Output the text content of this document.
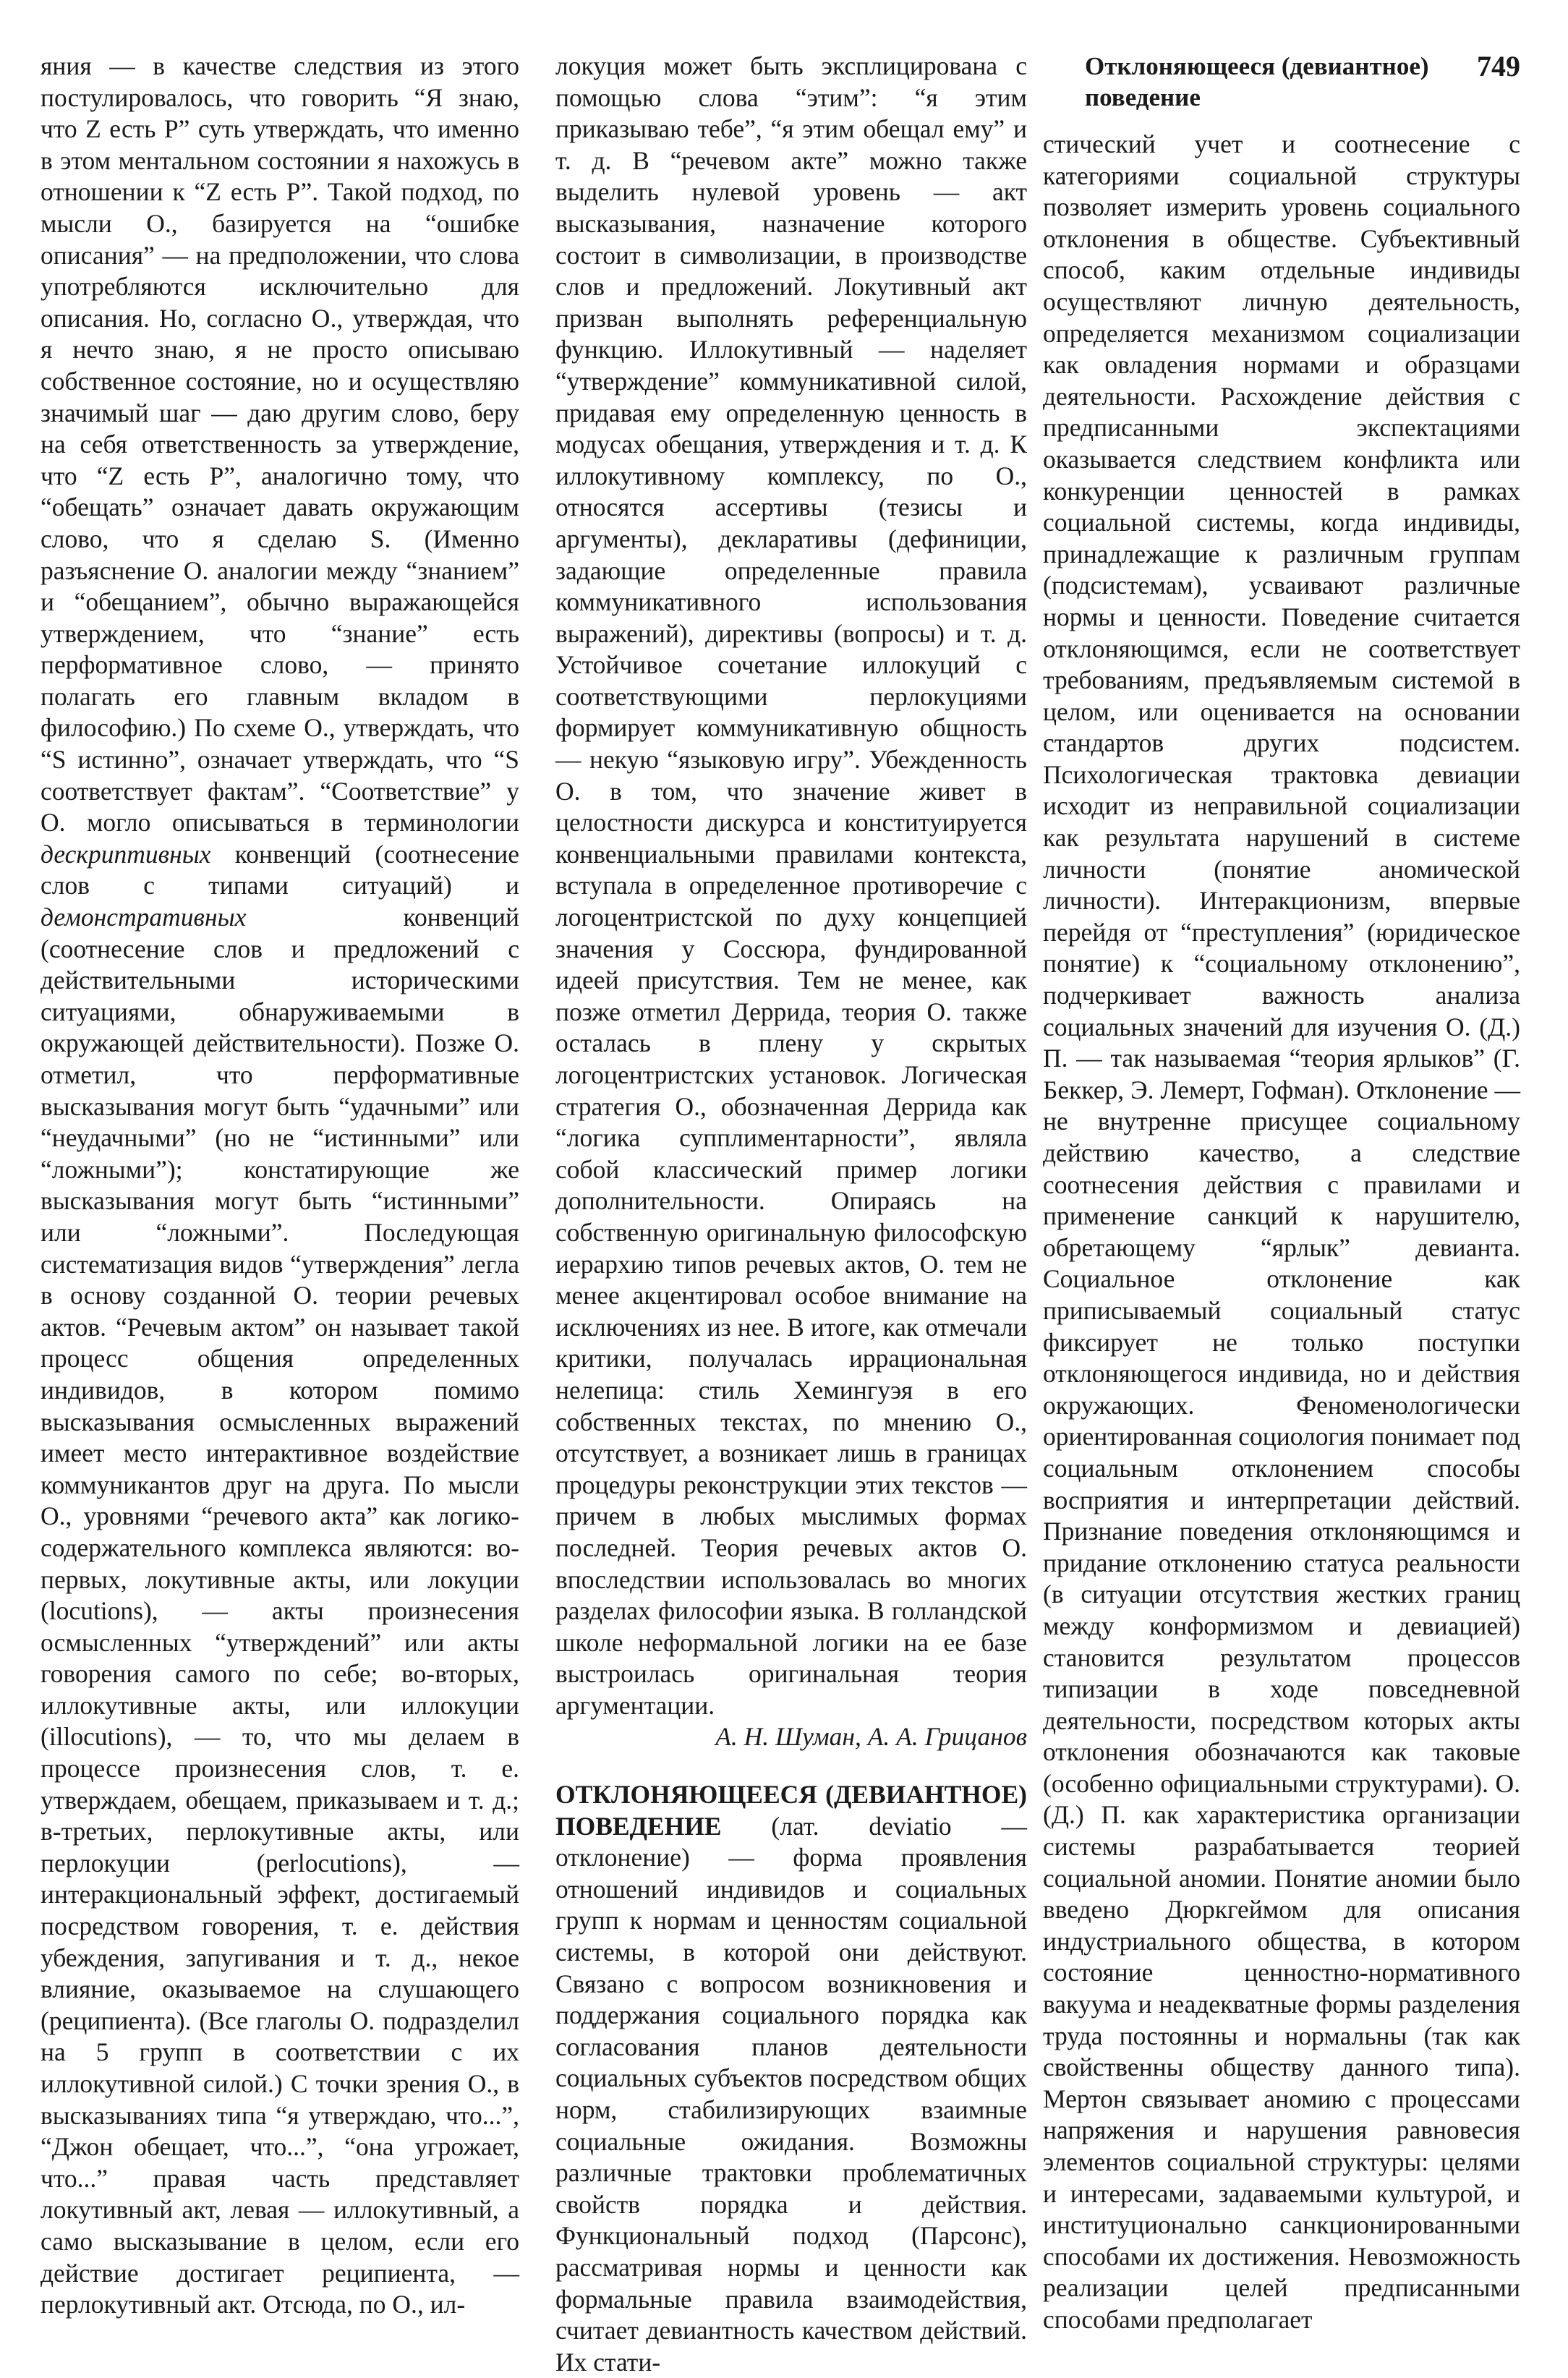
Отклоняющееся (девиантное) поведение
749

яния — в качестве следствия из этого постулировалось, что говорить “Я знаю, что Z есть P” суть утверждать, что именно в этом ментальном состоянии я нахожусь в отношении к “Z есть P”. Такой подход, по мысли О., базируется на “ошибке описания” — на предположении, что слова употребляются исключительно для описания. Но, согласно О., утверждая, что я нечто знаю, я не просто описываю собственное состояние, но и осуществляю значимый шаг — даю другим слово, беру на себя ответственность за утверждение, что “Z есть P”, аналогично тому, что “обещать” означает давать окружающим слово, что я сделаю S. (Именно разъяснение О. аналогии между “знанием” и “обещанием”, обычно выражающейся утверждением, что “знание” есть перформативное слово, — принято полагать его главным вкладом в философию.) По схеме О., утверждать, что “S истинно”, означает утверждать, что “S соответствует фактам”. “Соответствие” у О. могло описываться в терминологии дескриптивных конвенций (соотнесение слов с типами ситуаций) и демонстративных	конвенций (соотнесение слов и предложений с действительными историческими ситуациями, обнаруживаемыми в окружающей действительности). Позже О. отметил, что перформативные высказывания могут быть “удачными” или “неудачными” (но не “истинными” или “ложными”); констатирующие же высказывания могут быть “истинными” или “ложными”. Последующая систематизация видов “утверждения” легла в основу созданной О. теории речевых актов. “Речевым актом” он называет такой процесс общения определенных индивидов, в котором помимо высказывания осмысленных выражений имеет место интерактивное воздействие коммуникантов друг на друга. По мысли О., уровнями “речевого акта” как логико-содержательного комплекса являются: во-первых, локутивные акты, или локуции (locutions), — акты произнесения осмысленных “утверждений” или акты говорения самого по себе; во-вторых, иллокутивные акты, или иллокуции (illocutions), — то, что мы делаем в процессе произнесения слов, т. е. утверждаем, обещаем, приказываем и т. д.; в-третьих, перлокутивные акты, или перлокуции (perlocutions), — интеракциональный эффект, достигаемый посредством говорения, т. е. действия убеждения, запугивания и т. д., некое влияние, оказываемое на слушающего (реципиента). (Все глаголы О. подразделил на 5 групп в соответствии с их иллокутивной силой.) С точки зрения О., в высказываниях типа “я утверждаю, что...”, “Джон обещает, что...”, “она угрожает, что...” правая часть представляет локутивный акт, левая — иллокутивный, а само высказывание в целом, если его действие достигает реципиента, — перлокутивный акт. Отсюда, по О., ил-

локуция может быть эксплицирована с помощью слова “этим”: “я этим приказываю тебе”, “я этим обещал ему” и т. д. В “речевом акте” можно также выделить нулевой уровень — акт высказывания, назначение которого состоит в символизации, в производстве слов и предложений. Локутивный акт призван выполнять референциальную функцию. Иллокутивный — наделяет “утверждение” коммуникативной силой, придавая ему определенную ценность в модусах обещания, утверждения и т. д. К иллокутивному комплексу, по О., относятся ассертивы (тезисы и аргументы), декларативы (дефиниции, задающие определенные правила коммуникативного использования выражений), директивы (вопросы) и т. д. Устойчивое сочетание иллокуций с соответствующими перлокуциями формирует коммуникативную общность — некую “языковую игру”. Убежденность О. в том, что значение живет в целостности дискурса и конституируется конвенциальными правилами контекста, вступала в определенное противоречие с логоцентристской по духу концепцией значения у Соссюра, фундированной идеей присутствия. Тем не менее, как позже отметил Деррида, теория О. также осталась в плену у скрытых логоцентристских установок. Логическая стратегия О., обозначенная Деррида как “логика супплиментарности”, являла собой классический пример логики дополнительности. Опираясь на собственную оригинальную философскую иерархию типов речевых актов, О. тем не менее акцентировал особое внимание на исключениях из нее. В итоге, как отмечали критики, получалась иррациональная нелепица: стиль Хемингуэя в его собственных текстах, по мнению О., отсутствует, а возникает лишь в границах процедуры реконструкции этих текстов — причем в любых мыслимых формах последней. Теория речевых актов О. впоследствии использовалась во многих разделах философии языка. В голландской школе неформальной логики на ее базе выстроилась оригинальная теория аргументации.

А. Н. Шуман, А. А. Грицанов

ОТКЛОНЯЮЩЕЕСЯ (ДЕВИАНТНОЕ) ПОВЕДЕНИЕ (лат. deviatio — отклонение) — форма проявления отношений индивидов и социальных групп к нормам и ценностям социальной системы, в которой они действуют. Связано с вопросом возникновения и поддержания социального порядка как согласования планов деятельности социальных субъектов посредством общих норм, стабилизирующих взаимные социальные ожидания. Возможны различные трактовки проблематичных свойств порядка и действия. Функциональный подход (Парсонс), рассматривая нормы и ценности как формальные правила взаимодействия, считает девиантность качеством действий. Их стати-

стический учет и соотнесение с категориями социальной структуры позволяет измерить уровень социального отклонения в обществе. Субъективный способ, каким отдельные индивиды осуществляют личную деятельность, определяется механизмом социализации как овладения нормами и образцами деятельности. Расхождение действия с предписанными экспектациями оказывается следствием конфликта или конкуренции ценностей в рамках социальной системы, когда индивиды, принадлежащие к различным группам (подсистемам), усваивают различные нормы и ценности. Поведение считается отклоняющимся, если не соответствует требованиям, предъявляемым системой в целом, или оценивается на основании стандартов других подсистем. Психологическая трактовка девиации исходит из неправильной социализации как результата нарушений в системе личности (понятие аномической личности). Интеракционизм, впервые перейдя от “преступления” (юридическое понятие) к “социальному отклонению”, подчеркивает важность анализа социальных значений для изучения О. (Д.) П. — так называемая “теория ярлыков” (Г. Беккер, Э. Лемерт, Гофман). Отклонение — не внутренне присущее социальному действию качество, а следствие соотнесения действия с правилами и применение санкций к нарушителю, обретающему “ярлык” девианта. Социальное отклонение как приписываемый социальный статус фиксирует не только поступки отклоняющегося индивида, но и действия окружающих. Феноменологически ориентированная социология понимает под социальным отклонением способы восприятия и интерпретации действий. Признание поведения отклоняющимся и придание отклонению статуса реальности (в ситуации отсутствия жестких границ между конформизмом и девиацией) становится результатом процессов типизации в ходе повседневной деятельности, посредством которых акты отклонения обозначаются как таковые (особенно официальными структурами). О. (Д.) П. как характеристика организации системы разрабатывается теорией социальной аномии. Понятие аномии было введено Дюркгеймом для описания индустриального общества, в котором состояние ценностно-нормативного вакуума и неадекватные формы разделения труда постоянны и нормальны (так как свойственны обществу данного типа). Мертон связывает аномию с процессами напряжения и нарушения равновесия элементов социальной структуры: целями и интересами, задаваемыми культурой, и институционально санкционированными способами их достижения. Невозможность реализации целей предписанными способами предполагает
